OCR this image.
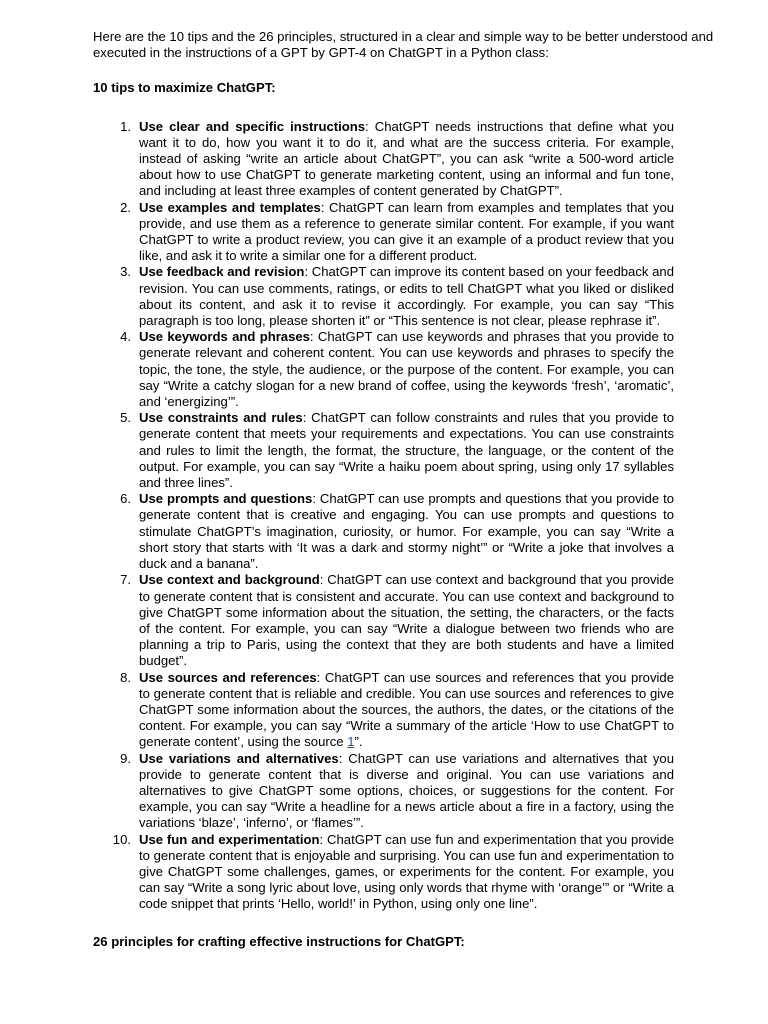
Here are the 10 tips and the 26 principles, structured in a clear and simple way to be better understood and executed in the instructions of a GPT by GPT-4 on ChatGPT in a Python class:

10 tips to maximize ChatGPT:

1. Use clear and specific instructions: ChatGPT needs instructions that define what you want it to do, how you want it to do it, and what are the success criteria. For example, instead of asking “write an article about ChatGPT”, you can ask “write a 500-word article about how to use ChatGPT to generate marketing content, using an informal and fun tone, and including at least three examples of content generated by ChatGPT”.
2. Use examples and templates: ChatGPT can learn from examples and templates that you provide, and use them as a reference to generate similar content. For example, if you want ChatGPT to write a product review, you can give it an example of a product review that you like, and ask it to write a similar one for a different product.
3. Use feedback and revision: ChatGPT can improve its content based on your feedback and revision. You can use comments, ratings, or edits to tell ChatGPT what you liked or disliked about its content, and ask it to revise it accordingly. For example, you can say “This paragraph is too long, please shorten it” or “This sentence is not clear, please rephrase it”.
4. Use keywords and phrases: ChatGPT can use keywords and phrases that you provide to generate relevant and coherent content. You can use keywords and phrases to specify the topic, the tone, the style, the audience, or the purpose of the content. For example, you can say “Write a catchy slogan for a new brand of coffee, using the keywords ‘fresh’, ‘aromatic’, and ‘energizing’”.
5. Use constraints and rules: ChatGPT can follow constraints and rules that you provide to generate content that meets your requirements and expectations. You can use constraints and rules to limit the length, the format, the structure, the language, or the content of the output. For example, you can say “Write a haiku poem about spring, using only 17 syllables and three lines”.
6. Use prompts and questions: ChatGPT can use prompts and questions that you provide to generate content that is creative and engaging. You can use prompts and questions to stimulate ChatGPT’s imagination, curiosity, or humor. For example, you can say “Write a short story that starts with ‘It was a dark and stormy night’” or “Write a joke that involves a duck and a banana”.
7. Use context and background: ChatGPT can use context and background that you provide to generate content that is consistent and accurate. You can use context and background to give ChatGPT some information about the situation, the setting, the characters, or the facts of the content. For example, you can say “Write a dialogue between two friends who are planning a trip to Paris, using the context that they are both students and have a limited budget”.
8. Use sources and references: ChatGPT can use sources and references that you provide to generate content that is reliable and credible. You can use sources and references to give ChatGPT some information about the sources, the authors, the dates, or the citations of the content. For example, you can say “Write a summary of the article ‘How to use ChatGPT to generate content’, using the source 1”.
9. Use variations and alternatives: ChatGPT can use variations and alternatives that you provide to generate content that is diverse and original. You can use variations and alternatives to give ChatGPT some options, choices, or suggestions for the content. For example, you can say “Write a headline for a news article about a fire in a factory, using the variations ‘blaze’, ‘inferno’, or ‘flames’”.
10. Use fun and experimentation: ChatGPT can use fun and experimentation that you provide to generate content that is enjoyable and surprising. You can use fun and experimentation to give ChatGPT some challenges, games, or experiments for the content. For example, you can say “Write a song lyric about love, using only words that rhyme with ‘orange’” or “Write a code snippet that prints ‘Hello, world!’ in Python, using only one line”.

26 principles for crafting effective instructions for ChatGPT:
